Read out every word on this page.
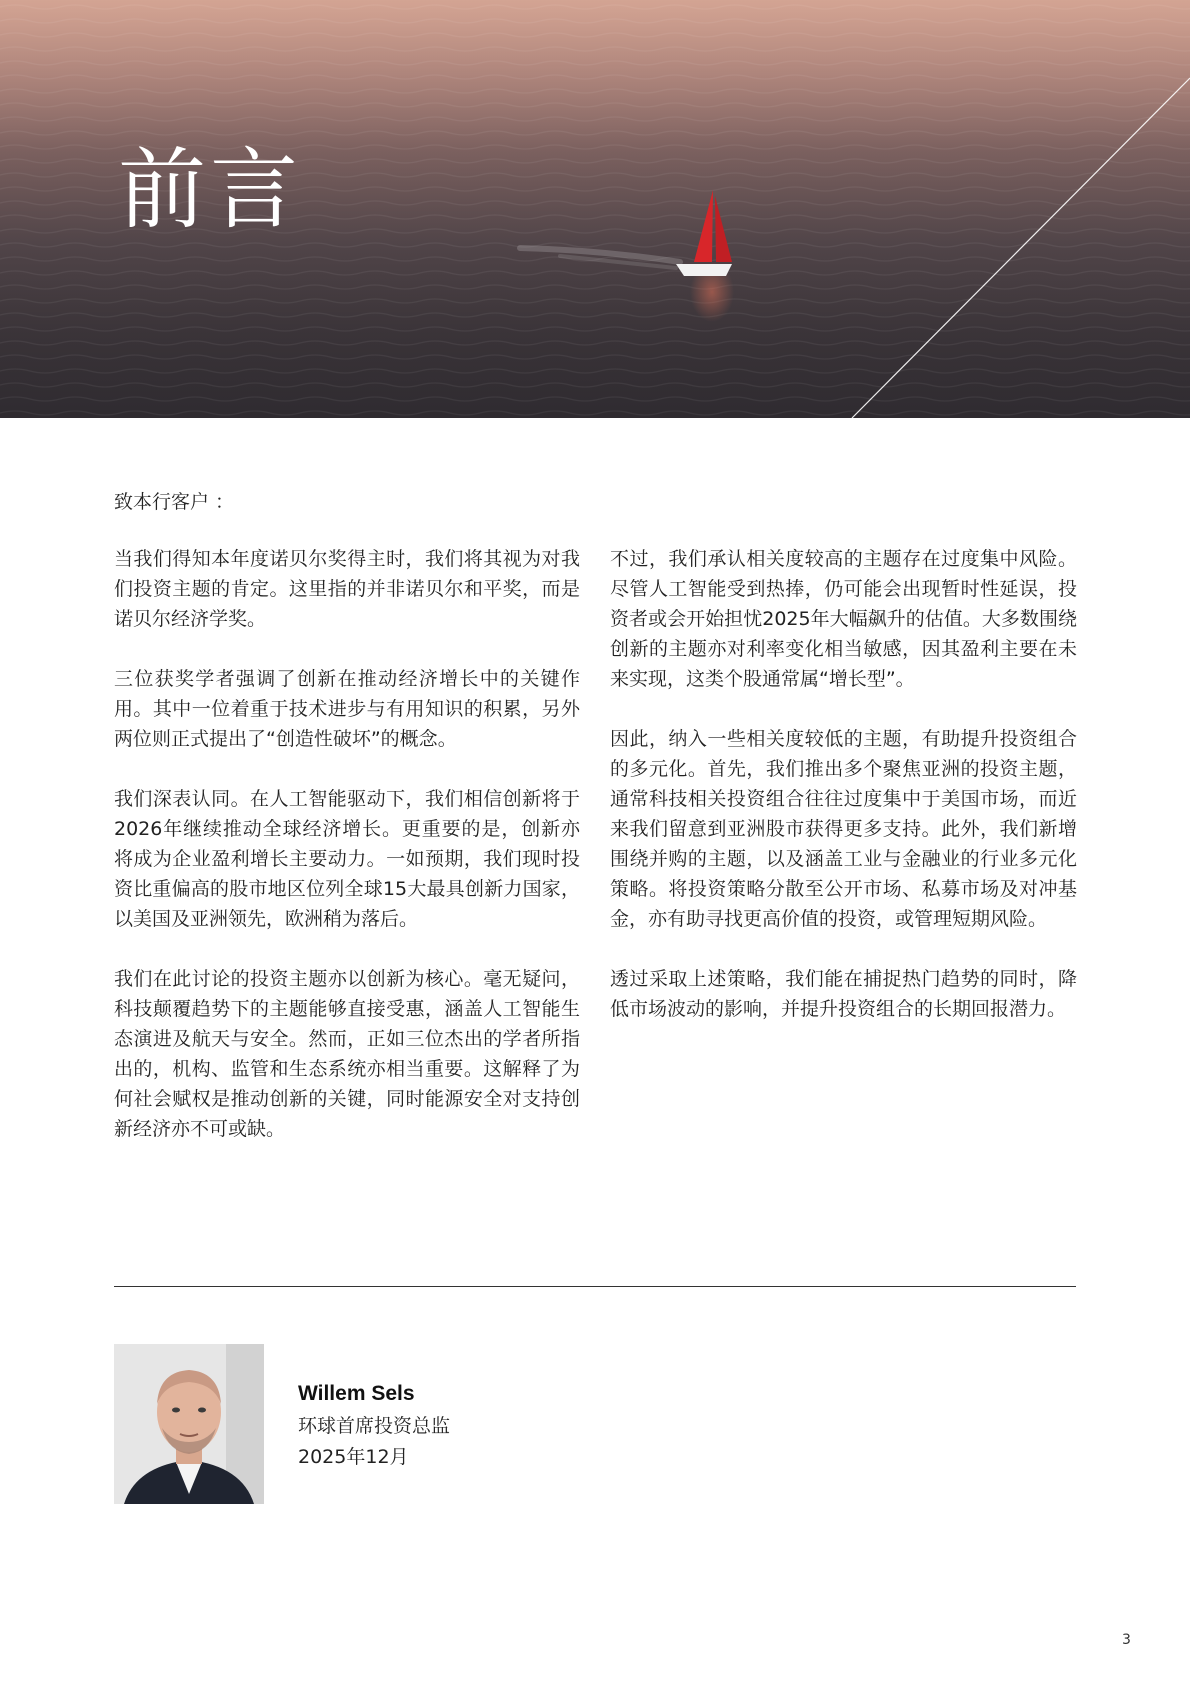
前言

致本行客户 ：

当我们得知本年度诺贝尔奖得主时，我们将其视为对我们投资主题的肯定。这里指的并非诺贝尔和平奖，而是诺贝尔经济学奖。

三位获奖学者强调了创新在推动经济增长中的关键作用。其中一位着重于技术进步与有用知识的积累，另外两位则正式提出了“创造性破坏”的概念。

我们深表认同。在人工智能驱动下，我们相信创新将于2026年继续推动全球经济增长。更重要的是，创新亦将成为企业盈利增长主要动力。一如预期，我们现时投资比重偏高的股市地区位列全球15大最具创新力国家，以美国及亚洲领先，欧洲稍为落后。

我们在此讨论的投资主题亦以创新为核心。毫无疑问，科技颠覆趋势下的主题能够直接受惠，涵盖人工智能生态演进及航天与安全。然而，正如三位杰出的学者所指出的，机构、监管和生态系统亦相当重要。这解释了为何社会赋权是推动创新的关键，同时能源安全对支持创新经济亦不可或缺。

不过，我们承认相关度较高的主题存在过度集中风险。尽管人工智能受到热捧，仍可能会出现暂时性延误，投资者或会开始担忧2025年大幅飙升的估值。大多数围绕创新的主题亦对利率变化相当敏感，因其盈利主要在未来实现，这类个股通常属“增长型”。

因此，纳入一些相关度较低的主题，有助提升投资组合的多元化。首先，我们推出多个聚焦亚洲的投资主题，通常科技相关投资组合往往过度集中于美国市场，而近来我们留意到亚洲股市获得更多支持。此外，我们新增围绕并购的主题，以及涵盖工业与金融业的行业多元化策略。将投资策略分散至公开市场、私募市场及对冲基金，亦有助寻找更高价值的投资，或管理短期风险。

透过采取上述策略，我们能在捕捉热门趋势的同时，降低市场波动的影响，并提升投资组合的长期回报潜力。

Willem Sels

环球首席投资总监

2025年12月

3
